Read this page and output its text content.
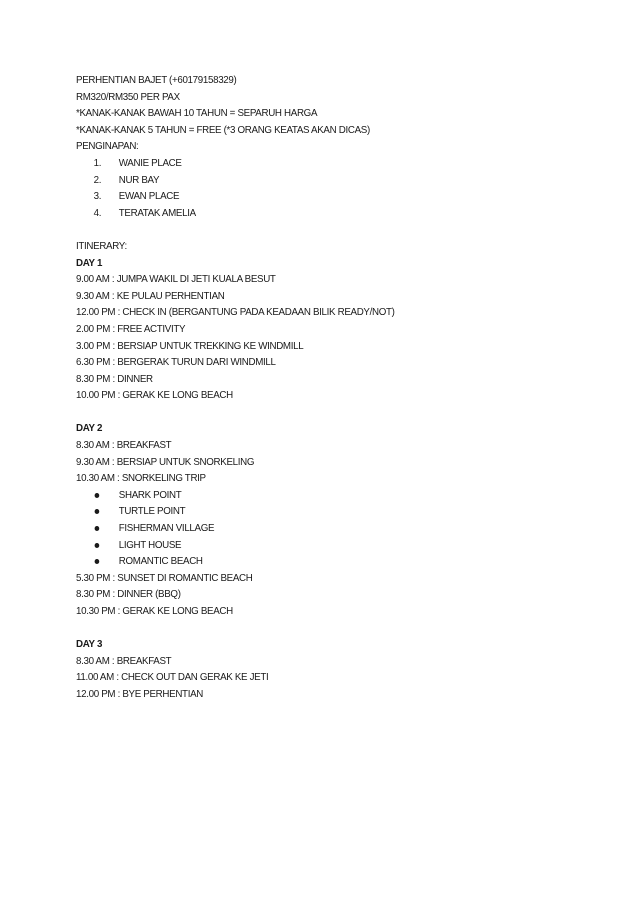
PERHENTIAN BAJET (+60179158329)

RM320/RM350 PER PAX

*KANAK-KANAK BAWAH 10 TAHUN = SEPARUH HARGA

*KANAK-KANAK 5 TAHUN = FREE (*3 ORANG KEATAS AKAN DICAS)

PENGINAPAN:

1. WANIE PLACE
2. NUR BAY
3. EWAN PLACE
4. TERATAK AMELIA

ITINERARY:

DAY 1

9.00 AM : JUMPA WAKIL DI JETI KUALA BESUT

9.30 AM : KE PULAU PERHENTIAN

12.00 PM : CHECK IN (BERGANTUNG PADA KEADAAN BILIK READY/NOT)

2.00 PM : FREE ACTIVITY

3.00 PM : BERSIAP UNTUK TREKKING KE WINDMILL

6.30 PM : BERGERAK TURUN DARI WINDMILL

8.30 PM : DINNER

10.00 PM : GERAK KE LONG BEACH

DAY 2

8.30 AM : BREAKFAST

9.30 AM : BERSIAP UNTUK SNORKELING

10.30 AM : SNORKELING TRIP

SHARK POINT
TURTLE POINT
FISHERMAN VILLAGE
LIGHT HOUSE
ROMANTIC BEACH

5.30 PM : SUNSET DI ROMANTIC BEACH

8.30 PM : DINNER (BBQ)

10.30 PM : GERAK KE LONG BEACH

DAY 3

8.30 AM : BREAKFAST

11.00 AM : CHECK OUT DAN GERAK KE JETI

12.00 PM : BYE PERHENTIAN
